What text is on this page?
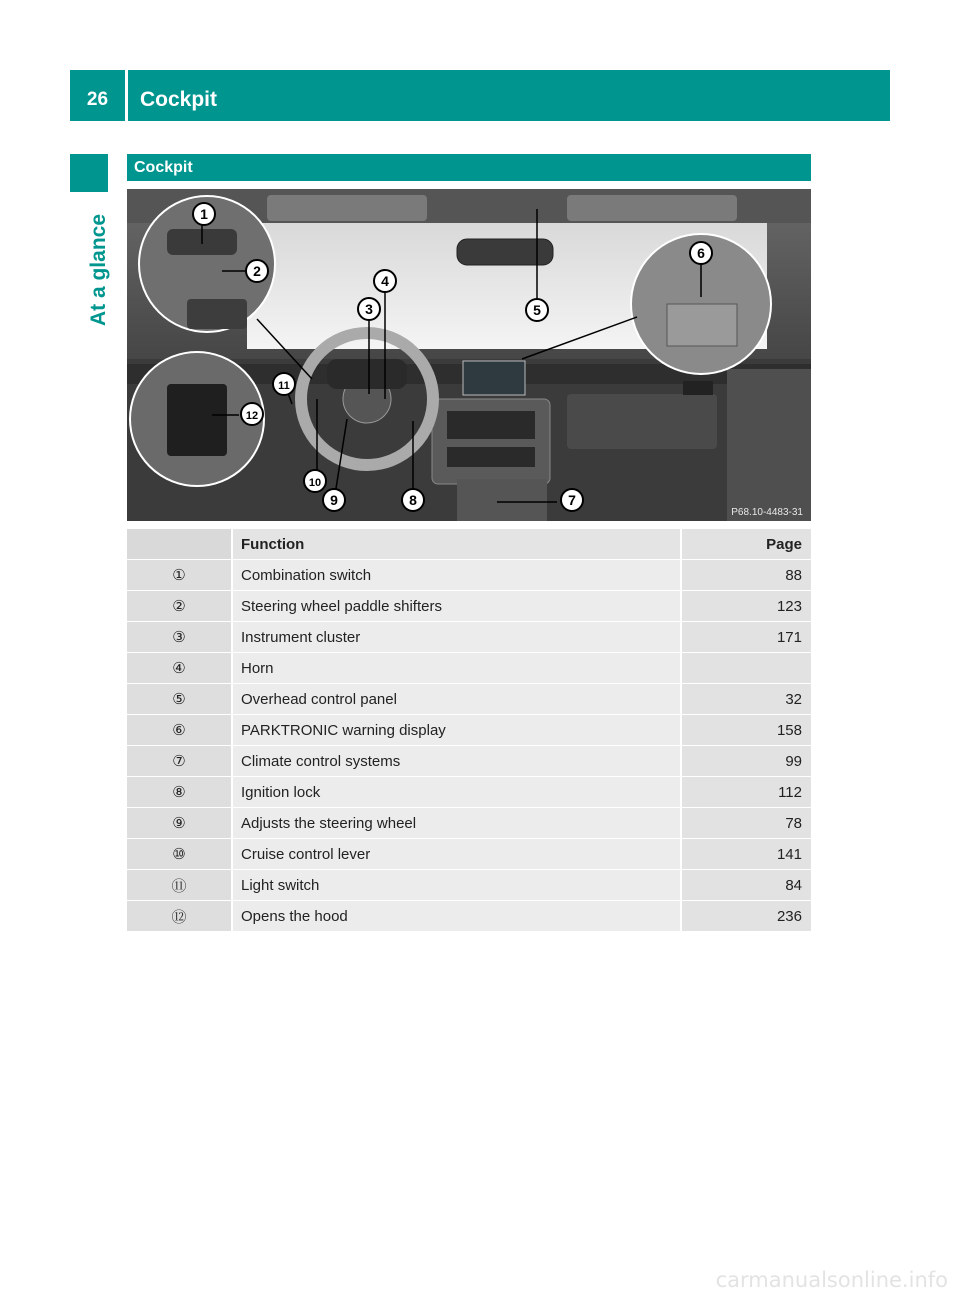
26	Cockpit
At a glance
Cockpit
1
2
3
4
5
6
7
8
9
10
11
12
P68.10-4483-31
	Function	Page
①	Combination switch	88
②	Steering wheel paddle shifters	123
③	Instrument cluster	171
④	Horn	
⑤	Overhead control panel	32
⑥	PARKTRONIC warning display	158
⑦	Climate control systems	99
⑧	Ignition lock	112
⑨	Adjusts the steering wheel	78
⑩	Cruise control lever	141
⑪	Light switch	84
⑫	Opens the hood	236
carmanualsonline.info
